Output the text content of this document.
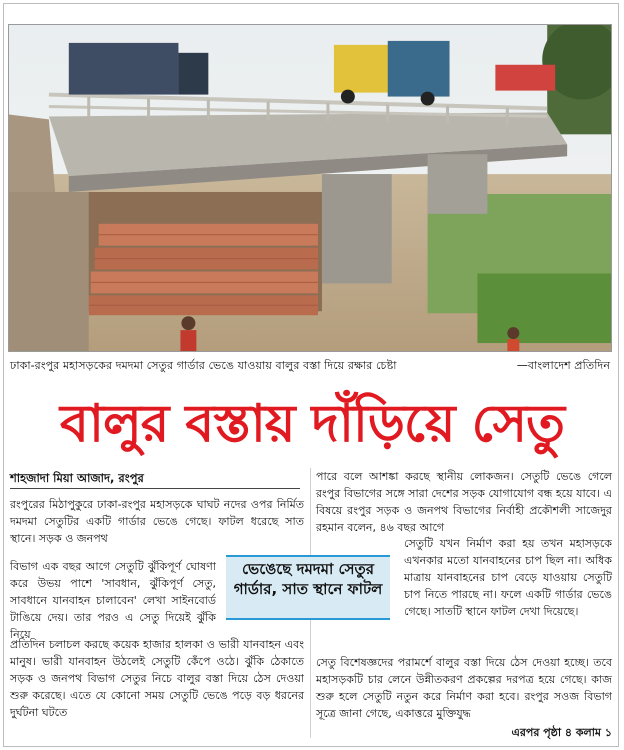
ঢাকা-রংপুর মহাসড়কের দমদমা সেতুর গার্ডার ভেঙে যাওয়ায় বালুর বস্তা দিয়ে রক্ষার চেষ্টা	—বাংলাদেশ প্রতিদিন
বালুর বস্তায় দাঁড়িয়ে সেতু
শাহজাদা মিয়া আজাদ, রংপুর

রংপুরের মিঠাপুকুরে ঢাকা-রংপুর মহাসড়কে ঘাঘট নদের ওপর নির্মিত দমদমা সেতুটির একটি গার্ডার ভেঙে গেছে। ফাটল ধরেছে সাত স্থানে। সড়ক ও জনপথ

বিভাগ এক বছর আগে সেতুটি ঝুঁকিপূর্ণ ঘোষণা করে উভয় পাশে 'সাবধান, ঝুঁকিপূর্ণ সেতু, সাবধানে যানবাহন চালাবেন' লেখা সাইনবোর্ড টাঙিয়ে দেয়। তার পরও এ সেতু দিয়েই ঝুঁকি নিয়ে

প্রতিদিন চলাচল করছে কয়েক হাজার হালকা ও ভারী যানবাহন এবং মানুষ। ভারী যানবাহন উঠলেই সেতুটি কেঁপে ওঠে। ঝুঁকি ঠেকাতে সড়ক ও জনপথ বিভাগ সেতুর নিচে বালুর বস্তা দিয়ে ঠেস দেওয়া শুরু করেছে। এতে যে কোনো সময় সেতুটি ভেঙে পড়ে বড় ধরনের দুর্ঘটনা ঘটতে

ভেঙেছে দমদমা সেতুর গার্ডার, সাত স্থানে ফাটল

পারে বলে আশঙ্কা করছে স্থানীয় লোকজন। সেতুটি ভেঙে গেলে রংপুর বিভাগের সঙ্গে সারা দেশের সড়ক যোগাযোগ বন্ধ হয়ে যাবে। এ বিষয়ে রংপুর সড়ক ও জনপথ বিভাগের নির্বাহী প্রকৌশলী সাজেদুর রহমান বলেন, ৪৬ বছর আগে

সেতুটি যখন নির্মাণ করা হয় তখন মহাসড়কে এখনকার মতো যানবাহনের চাপ ছিল না। অধিক মাত্রায় যানবাহনের চাপ বেড়ে যাওয়ায় সেতুটি চাপ নিতে পারছে না। ফলে একটি গার্ডার ভেঙে গেছে। সাতটি স্থানে ফাটল দেখা দিয়েছে।

সেতু বিশেষজ্ঞদের পরামর্শে বালুর বস্তা দিয়ে ঠেস দেওয়া হচ্ছে। তবে মহাসড়কটি চার লেনে উন্নীতকরণ প্রকল্পের দরপত্র হয়ে গেছে। কাজ শুরু হলে সেতুটি নতুন করে নির্মাণ করা হবে। রংপুর সওজ বিভাগ সূত্রে জানা গেছে, একাত্তরে মুক্তিযুদ্ধ

এরপর পৃষ্ঠা ৪ কলাম ১
